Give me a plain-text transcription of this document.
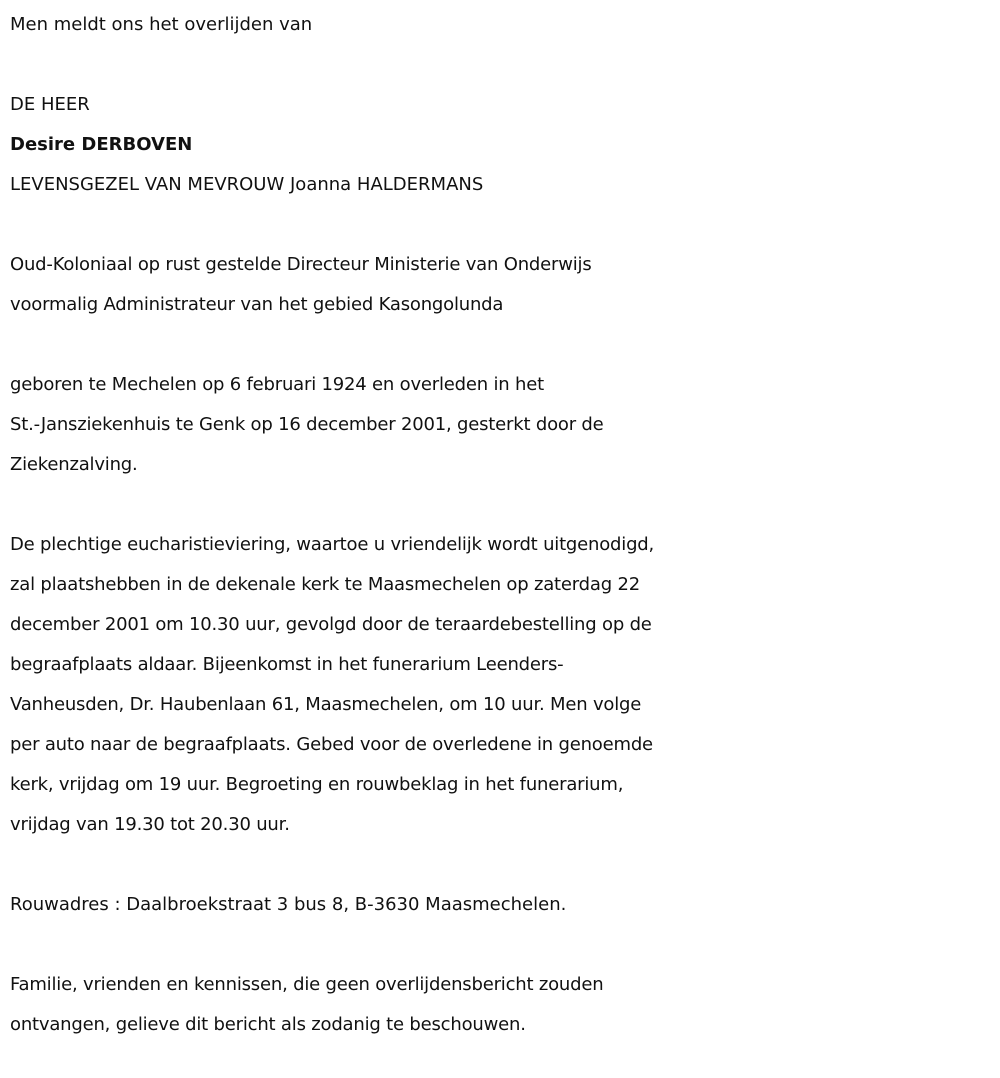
Men meldt ons het overlijden van
DE HEER
Desire DERBOVEN
LEVENSGEZEL VAN MEVROUW Joanna HALDERMANS
Oud-Koloniaal op rust gestelde Directeur Ministerie van Onderwijs
voormalig Administrateur van het gebied Kasongolunda
geboren te Mechelen op 6 februari 1924 en overleden in het
St.-Jansziekenhuis te Genk op 16 december 2001, gesterkt door de
Ziekenzalving.
De plechtige eucharistieviering, waartoe u vriendelijk wordt uitgenodigd,
zal plaatshebben in de dekenale kerk te Maasmechelen op zaterdag 22
december 2001 om 10.30 uur, gevolgd door de teraardebestelling op de
begraafplaats aldaar. Bijeenkomst in het funerarium Leenders-
Vanheusden, Dr. Haubenlaan 61, Maasmechelen, om 10 uur. Men volge
per auto naar de begraafplaats. Gebed voor de overledene in genoemde
kerk, vrijdag om 19 uur. Begroeting en rouwbeklag in het funerarium,
vrijdag van 19.30 tot 20.30 uur.
Rouwadres : Daalbroekstraat 3 bus 8, B-3630 Maasmechelen.
Familie, vrienden en kennissen, die geen overlijdensbericht zouden
ontvangen, gelieve dit bericht als zodanig te beschouwen.
